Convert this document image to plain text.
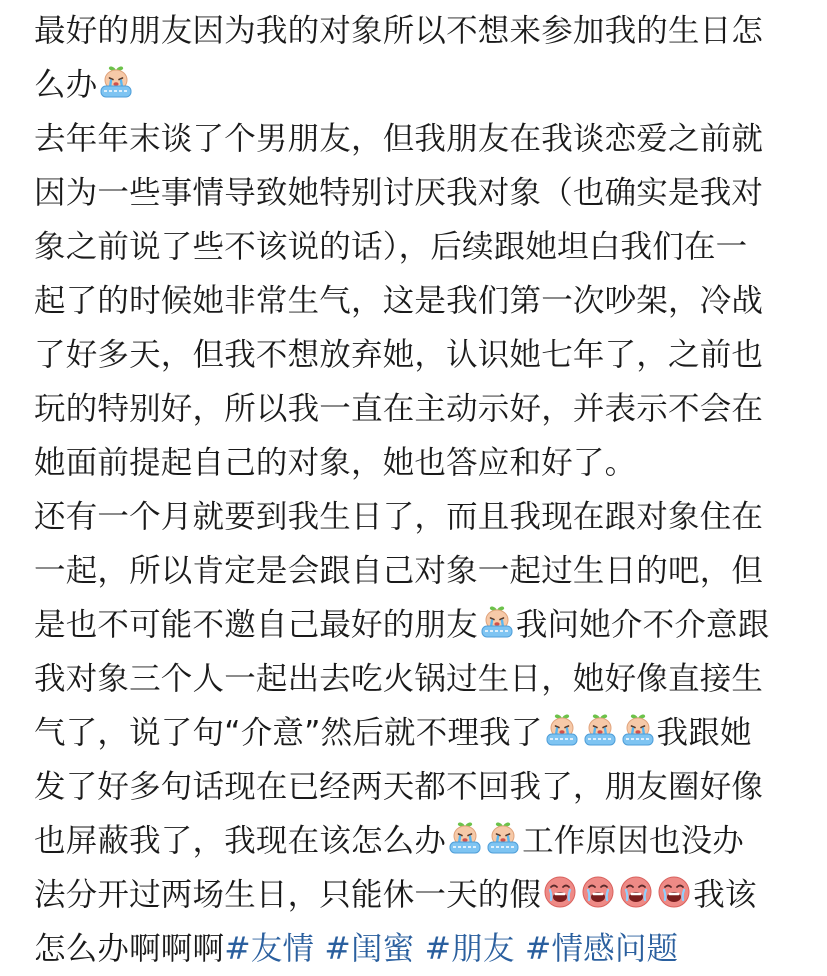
最好的朋友因为我的对象所以不想来参加我的生日怎
么办
去年年末谈了个男朋友，但我朋友在我谈恋爱之前就
因为一些事情导致她特别讨厌我对象（也确实是我对
象之前说了些不该说的话），后续跟她坦白我们在一
起了的时候她非常生气，这是我们第一次吵架，冷战
了好多天，但我不想放弃她，认识她七年了，之前也
玩的特别好，所以我一直在主动示好，并表示不会在
她面前提起自己的对象，她也答应和好了。
还有一个月就要到我生日了，而且我现在跟对象住在
一起，所以肯定是会跟自己对象一起过生日的吧，但
是也不可能不邀自己最好的朋友 我问她介不介意跟
我对象三个人一起出去吃火锅过生日，她好像直接生
气了，说了句“介意”然后就不理我了	我跟她
发了好多句话现在已经两天都不回我了，朋友圈好像
也屏蔽我了，我现在该怎么办 工作原因也没办
法分开过两场生日，只能休一天的假	我该
怎么办啊啊啊#友情 #闺蜜 #朋友 #情感问题
